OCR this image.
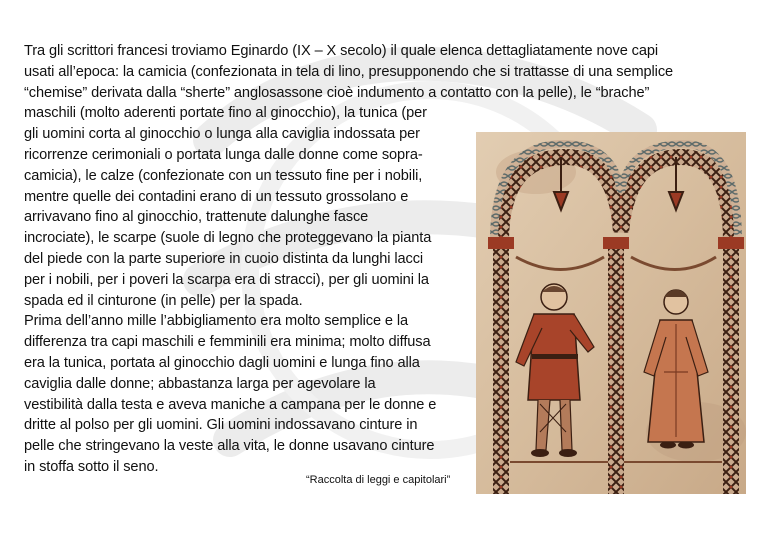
Tra gli scrittori francesi troviamo Eginardo (IX – X secolo) il quale elenca dettagliatamente nove capi
usati all’epoca: la camicia (confezionata in tela di lino, presupponendo che si trattasse di una semplice
“chemise” derivata dalla “sherte” anglosassone cioè indumento a contatto con la pelle), le “brache”
maschili (molto aderenti portate fino al ginocchio), la tunica (per
gli uomini corta al ginocchio o lunga alla caviglia indossata per
ricorrenze cerimoniali o portata lunga dalle donne come sopra-
camicia), le calze (confezionate con un tessuto fine per i nobili,
mentre quelle dei contadini erano di un tessuto grossolano e
arrivavano fino al ginocchio, trattenute dalunghe fasce
incrociate), le scarpe (suole di legno che proteggevano la pianta
del piede con la parte superiore in cuoio distinta da lunghi lacci
per i nobili, per i poveri la scarpa era di stracci), per gli uomini la
spada ed il cinturone (in pelle) per la spada.
Prima dell’anno mille l’abbigliamento era molto semplice e la
differenza tra capi maschili e femminili era minima; molto diffusa
era la tunica, portata al ginocchio dagli uomini e lunga fino alla
caviglia dalle donne; abbastanza larga per agevolare la
vestibilità dalla testa e aveva maniche a campana per le donne e
dritte al polso per gli uomini. Gli uomini indossavano cinture in
pelle che stringevano la veste alla vita, le donne usavano cinture
in stoffa sotto il seno.
“Raccolta di leggi e capitolari”
